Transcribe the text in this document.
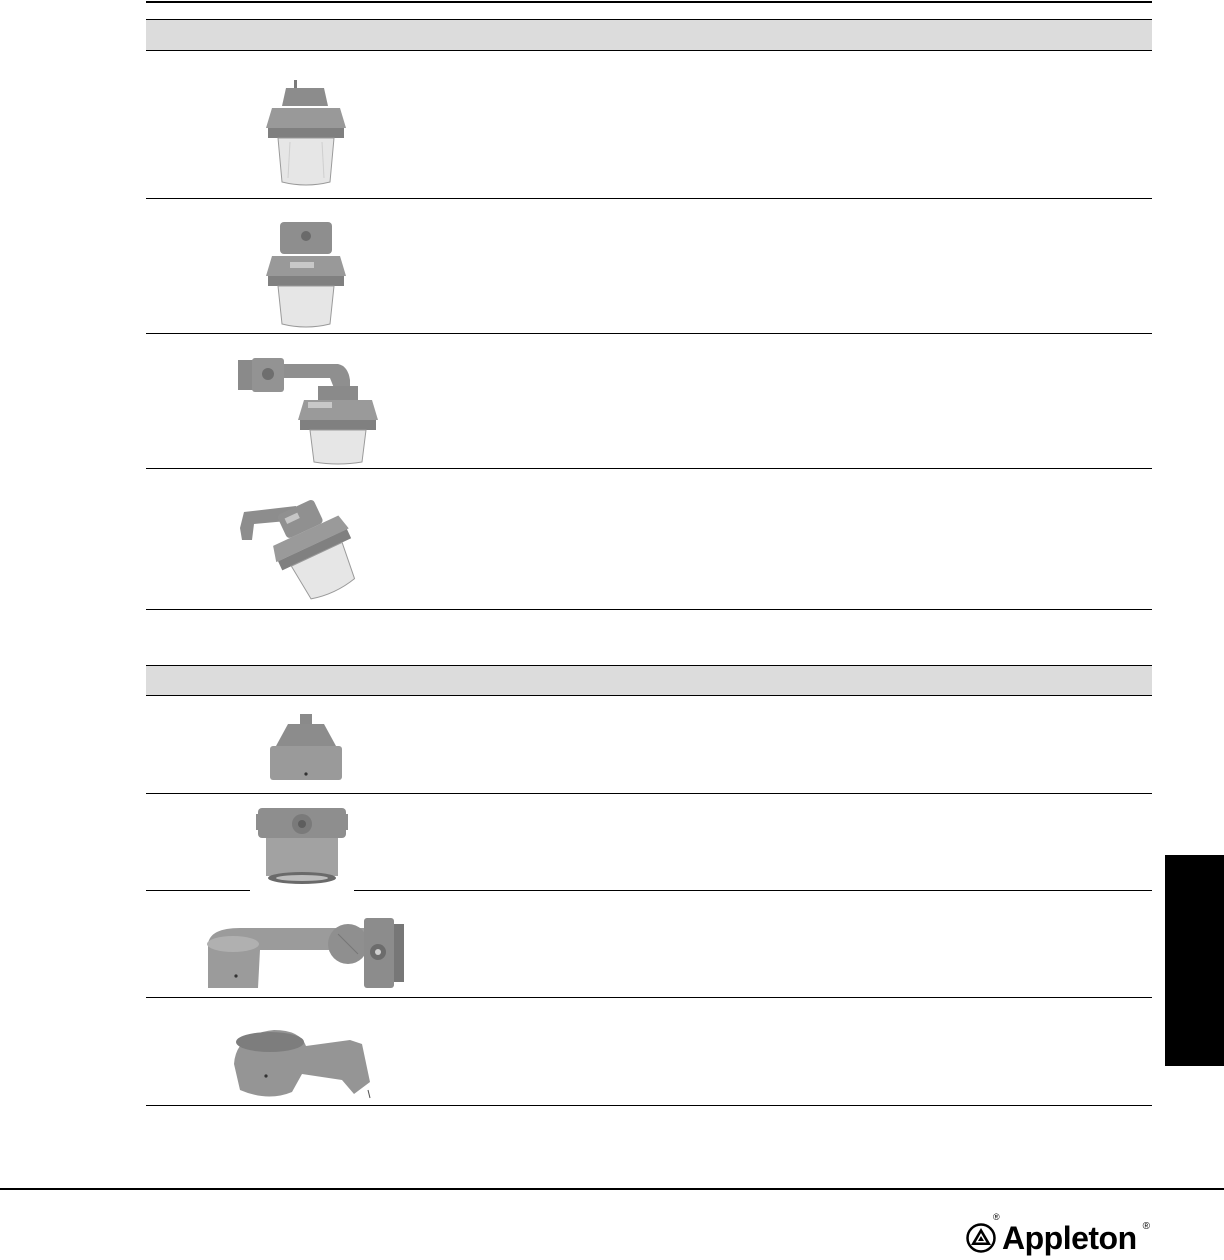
®
Appleton ®
